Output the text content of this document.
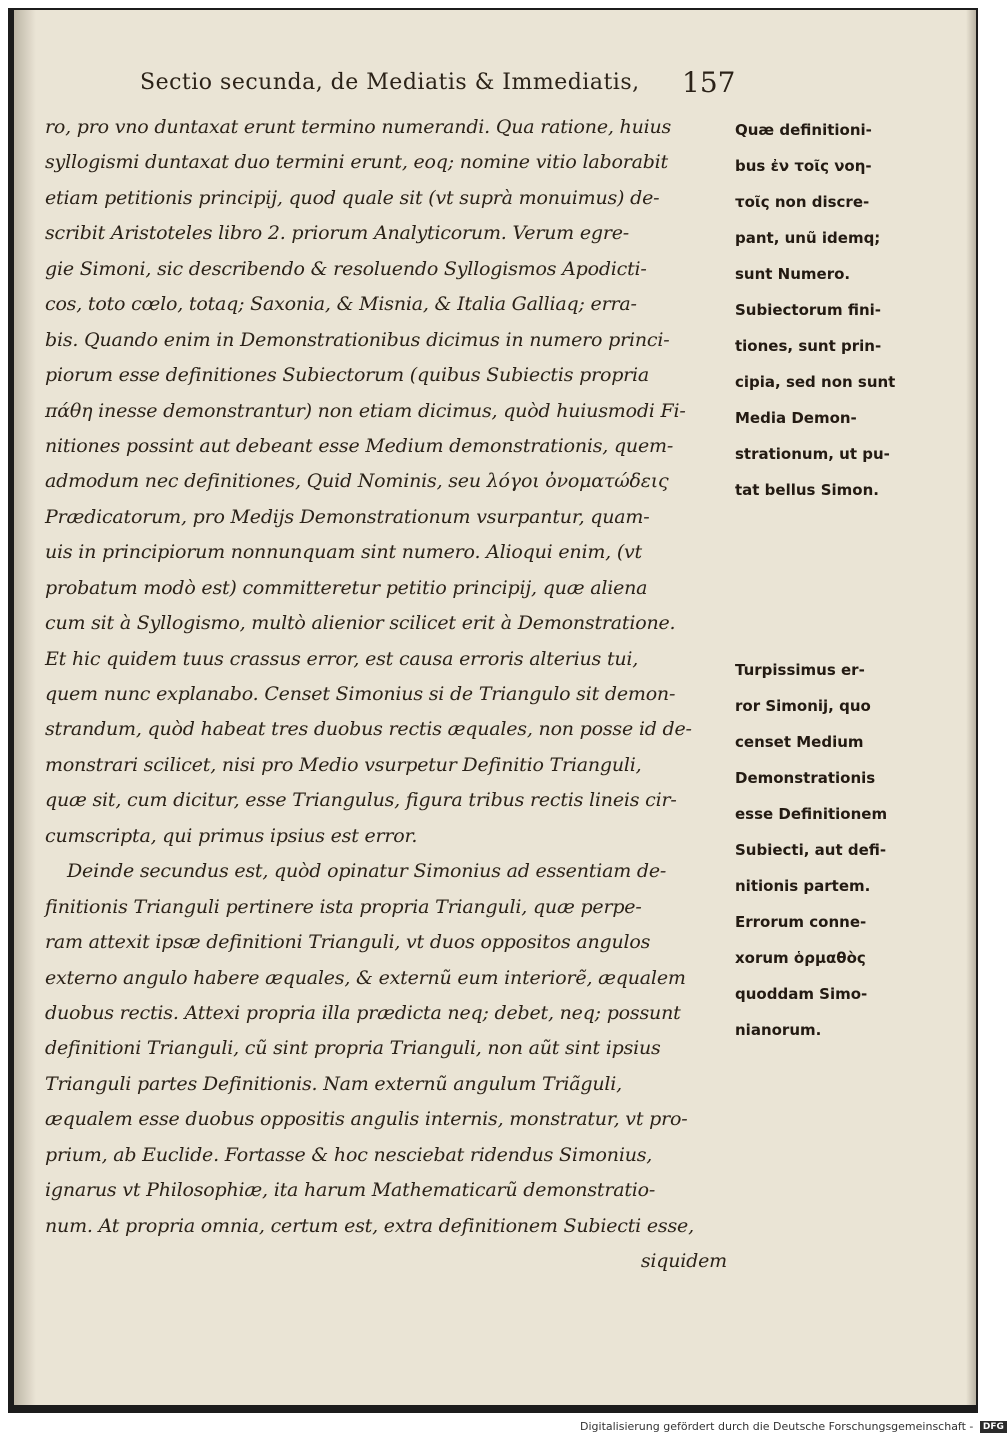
Sectio secunda, de Mediatis & Immediatis, 157
ro, pro vno duntaxat erunt termino numerandi. Qua ratione, huius
syllogismi duntaxat duo termini erunt, eoq; nomine vitio laborabit
etiam petitionis principij, quod quale sit (vt suprà monuimus) de-
scribit Aristoteles libro 2. priorum Analyticorum. Verum egre-
gie Simoni, sic describendo & resoluendo Syllogismos Apodicti-
cos, toto cœlo, totaq; Saxonia, & Misnia, & Italia Galliaq; erra-
bis. Quando enim in Demonstrationibus dicimus in numero princi-
piorum esse definitiones Subiectorum (quibus Subiectis propria
πάθη inesse demonstrantur) non etiam dicimus, quòd huiusmodi Fi-
nitiones possint aut debeant esse Medium demonstrationis, quem-
admodum nec definitiones, Quid Nominis, seu λόγοι ὀνοματώδεις
Prædicatorum, pro Medijs Demonstrationum vsurpantur, quam-
uis in principiorum nonnunquam sint numero. Alioqui enim, (vt
probatum modò est) committeretur petitio principij, quæ aliena
cum sit à Syllogismo, multò alienior scilicet erit à Demonstratione.
Et hic quidem tuus crassus error, est causa erroris alterius tui,
quem nunc explanabo. Censet Simonius si de Triangulo sit demon-
strandum, quòd habeat tres duobus rectis æquales, non posse id de-
monstrari scilicet, nisi pro Medio vsurpetur Definitio Trianguli,
quæ sit, cum dicitur, esse Triangulus, figura tribus rectis lineis cir-
cumscripta, qui primus ipsius est error.
Deinde secundus est, quòd opinatur Simonius ad essentiam de-
finitionis Trianguli pertinere ista propria Trianguli, quæ perpe-
ram attexit ipsæ definitioni Trianguli, vt duos oppositos angulos
externo angulo habere æquales, & externũ eum interiorẽ, æqualem
duobus rectis. Attexi propria illa prædicta neq; debet, neq; possunt
definitioni Trianguli, cũ sint propria Trianguli, non aũt sint ipsius
Trianguli partes Definitionis. Nam externũ angulum Triãguli,
æqualem esse duobus oppositis angulis internis, monstratur, vt pro-
prium, ab Euclide. Fortasse & hoc nesciebat ridendus Simonius,
ignarus vt Philosophiæ, ita harum Mathematicarũ demonstratio-
num. At propria omnia, certum est, extra definitionem Subiecti esse,
siquidem
Quæ definitioni-
bus ἐν τοῖς νοη-
τοῖς non discre-
pant, unũ idemq;
sunt Numero.
Subiectorum fini-
tiones, sunt prin-
cipia, sed non sunt
Media Demon-
strationum, ut pu-
tat bellus Simon.
Turpissimus er-
ror Simonij, quo
censet Medium
Demonstrationis
esse Definitionem
Subiecti, aut defi-
nitionis partem.
Errorum conne-
xorum ὁρμαθὸς
quoddam Simo-
nianorum.
Digitalisierung gefördert durch die Deutsche Forschungsgemeinschaft - DFG
